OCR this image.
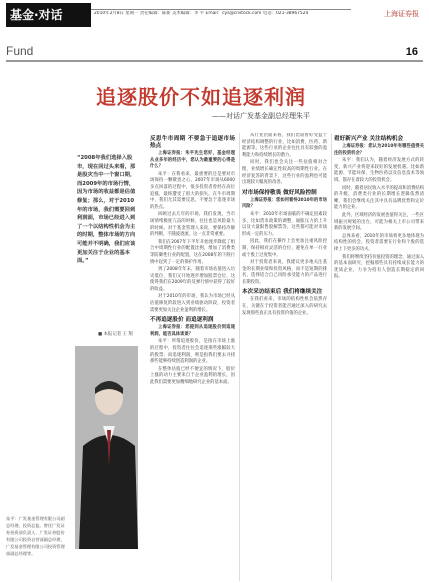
基金·对话	2010年2月8日 星期一 责任编辑：陈新 美术编辑：李 平 Email：cys@cnstock.com 电话：021-38967524	上海证券报
Fund	16
追逐股价不如追逐利润
——对话广发基金副总经理朱平
“2008年我们选择入股市，现在回过头来看，那是股灾当中一个窗口期，而2009年的市场行情，因为市场的收益都是估值修复；那么，对于2010年的市场，我们需要回到利润面，市场已经进入到了一个以结构性机会为主的时期，整体市场的方向可能并不明确，我们应该更加关注于企业的基本面。”
■ 本报记者 王 翔
朱平 资料图
朱平：广发基金管理有限公司副总经理、投资总监。曾任广发证券投资部负责人、广发证券股份有限公司投资自营部副总经理、广发基金管理有限公司投资管理部副总经理等。
反思牛市周期 不要急于追逐市场热点

上海证券报：朱平先生您好，基金经理从业多年的经历中，您认为最重要的心得是什么？

朱平：在我看来，最重要的还是要对市场保持一颗敬畏之心。2007年市场从6000多点回落的过程中，很多投资者曾经在高位追涨，最终遭受了很大的损失。在牛市周期中，我们尤其需要反思，不要急于追逐市场的热点。

回顾过去几年的市场，我们发现，当市场情绪极度亢奋的时候，往往也是风险最大的时候。对于基金管理人来说，要保持冷静的判断，不随波逐流，这一点非常重要。

我们在2007年下半年开始逐步降低了组合中周期性行业的配置比例，增加了消费类等防御性行业的配置，这在2008年的下跌行情中起到了一定的保护作用。

到了2008年年末，随着市场估值进入历史低位，我们又开始逐步增加股票仓位，这使得我们在2009年的反弹行情中获得了较好的收益。

对于2010年的市场，我认为市场已经从估值修复阶段进入到业绩驱动阶段，投资者需要更加关注企业盈利的增长。

不再追逐股价 而追逐利润

上海证券报：您提到从追逐股价到追逐利润，能否具体谈谈？

朱平：所谓追逐股价，是指在市场上涨的过程中，投资者往往会追逐那些涨幅较大的股票；而追逐利润，则是指我们要去寻找那些能够持续创造利润的企业。

在整体估值已经不便宜的情况下，股价上涨的动力主要来自于企业盈利的增长，因此我们需要更加精细地研究企业的基本面。

从行业层面来看，我们比较看好受益于经济结构调整的行业，比如消费、医药、新能源等。这些行业的企业往往具有较强的盈利能力和持续增长的潜力。

同时，我们也会关注一些估值相对合理、业绩增长确定性较高的周期性行业。在经济复苏的背景下，这些行业的盈利也可能出现较大幅度的改善。

对市场保持敬畏 做好风险控制

上海证券报：您如何看待2010年的市场风险？

朱平：2010年市场面临的不确定因素较多，比如货币政策的调整、通胀压力的上升以及大量限售股解禁等，这些都可能对市场形成一定的压力。

因此，我们在操作上会更加注重风险控制，保持相对灵活的仓位，避免在单一行业或个股上过度集中。

对于投资者来说，我建议更多地关注基金的长期业绩和投资风格，而不是短期的排名，选择适合自己风险承受能力的产品进行长期投资。

本次采访结束后 我们将继续关注

在我们看来，市场的结构性机会依然存在，关键在于投资者能否通过深入的研究去发现那些真正具有投资价值的企业。

看好新兴产业 关注结构机会

上海证券报：您认为2010年有哪些值得关注的投资机会？

朱平：我们认为，随着经济发展方式的转变，新兴产业将迎来较好的发展机遇。比如新能源、节能环保、生物医药以及信息技术等领域，都存在着较大的投资机会。

同时，随着居民收入水平的提高和消费结构的升级，消费类行业的长期增长逻辑依然清晰，我们会继续关注其中具有品牌优势和定价能力的企业。

此外，区域经济的发展也值得关注，一些区域振兴规划的出台，可能为相关上市公司带来新的发展空间。

总体来看，2010年的市场将更多地体现为结构性的机会，投资者需要在行业和个股的选择上下更多的功夫。

我们将继续坚持价值投资的理念，通过深入的基本面研究，挖掘那些具有持续成长能力的优质企业，力争为持有人创造长期稳定的回报。
